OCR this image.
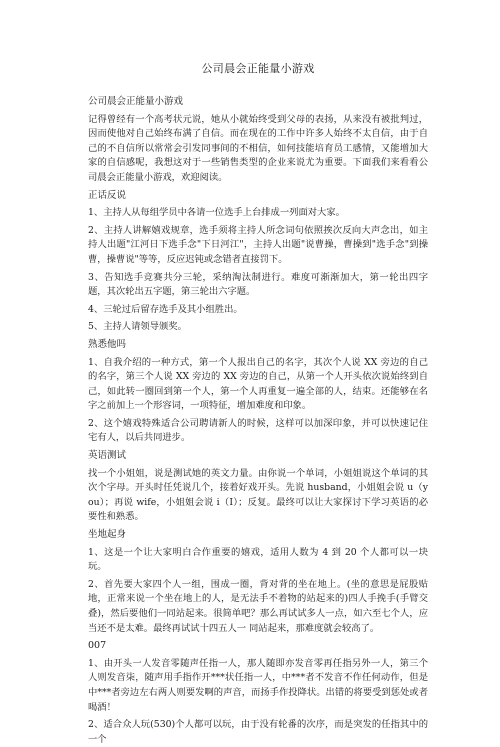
公司晨会正能量小游戏
公司晨会正能量小游戏
记得曾经有一个高考状元说，她从小就始终受到父母的表扬，从来没有被批判过，因而使他对自己始终布满了自信。而在现在的工作中许多人始终不太自信，由于自己的不自信所以常常会引发同事间的不相信，如何技能培育员工感情，又能增加大家的自信感呢，我想这对于一些销售类型的企业来说尤为重要。下面我们来看看公司晨会正能量小游戏，欢迎阅读。
正话反说
1、主持人从每组学员中各请一位选手上台排成一列面对大家。
2、主持人讲解嬉戏规章，选手须将主持人所念词句依照挨次反向大声念出，如主持人出题"江河日下选手念"下日河江"，主持人出题"说曹操，曹操到"选手念"到操曹，操曹说"等等，反应迟钝或念错者直接罚下。
3、告知选手竞赛共分三轮，采纳淘汰制进行。难度可渐渐加大，第一轮出四字题，其次轮出五字题，第三轮出六字题。
4、三轮过后留存选手及其小组胜出。
5、主持人请领导颁奖。
熟悉他吗
1、自我介绍的一种方式，第一个人报出自己的名字，其次个人说 XX 旁边的自己的名字，第三个人说 XX 旁边的 XX 旁边的自己，从第一个人开头依次说始终到自己，如此转一圈回到第一个人，第一个人再重复一遍全部的人，结束。还能够在名字之前加上一个形容词，一项特征，增加难度和印象。
2、这个嬉戏特殊适合公司聘请新人的时候，这样可以加深印象，并可以快速记住宅有人，以后共同进步。
英语测试
找一个小姐姐，说是测试她的英文力量。由你说一个单词，小姐姐说这个单词的其次个字母。开头时任凭说几个，接着好戏开头。先说 husband，小姐姐会说 u（you）；再说 wife，小姐姐会说 i（I）；反复。最终可以让大家探讨下学习英语的必要性和熟悉。
坐地起身
1、这是一个让大家明白合作重要的嬉戏，适用人数为 4 到 20 个人都可以一块玩。
2、首先要大家四个人一组，围成一圈，背对背的坐在地上。(坐的意思是屁股贴地，正常来说一个坐在地上的人，是无法手不着物的站起来的)四人手挽手(手臂交叠)，然后要他们一同站起来。很简单吧？那么再试试多人一点，如六至七个人，应当还不是太难。最终再试试十四五人一 同站起来，那难度就会较高了。
007
1、由开头一人发音零随声任指一人，那人随即亦发音零再任指另外一人，第三个人则发音柒，随声用手指作开***状任指一人，中***者不发音不作任何动作，但是中***者旁边左右两人则要发啊的声音，而扬手作投降状。出错的将要受到惩处或者喝酒！
2、适合众人玩(530)个人都可以玩，由于没有轮番的次序，而是突发的任指其中的一个
